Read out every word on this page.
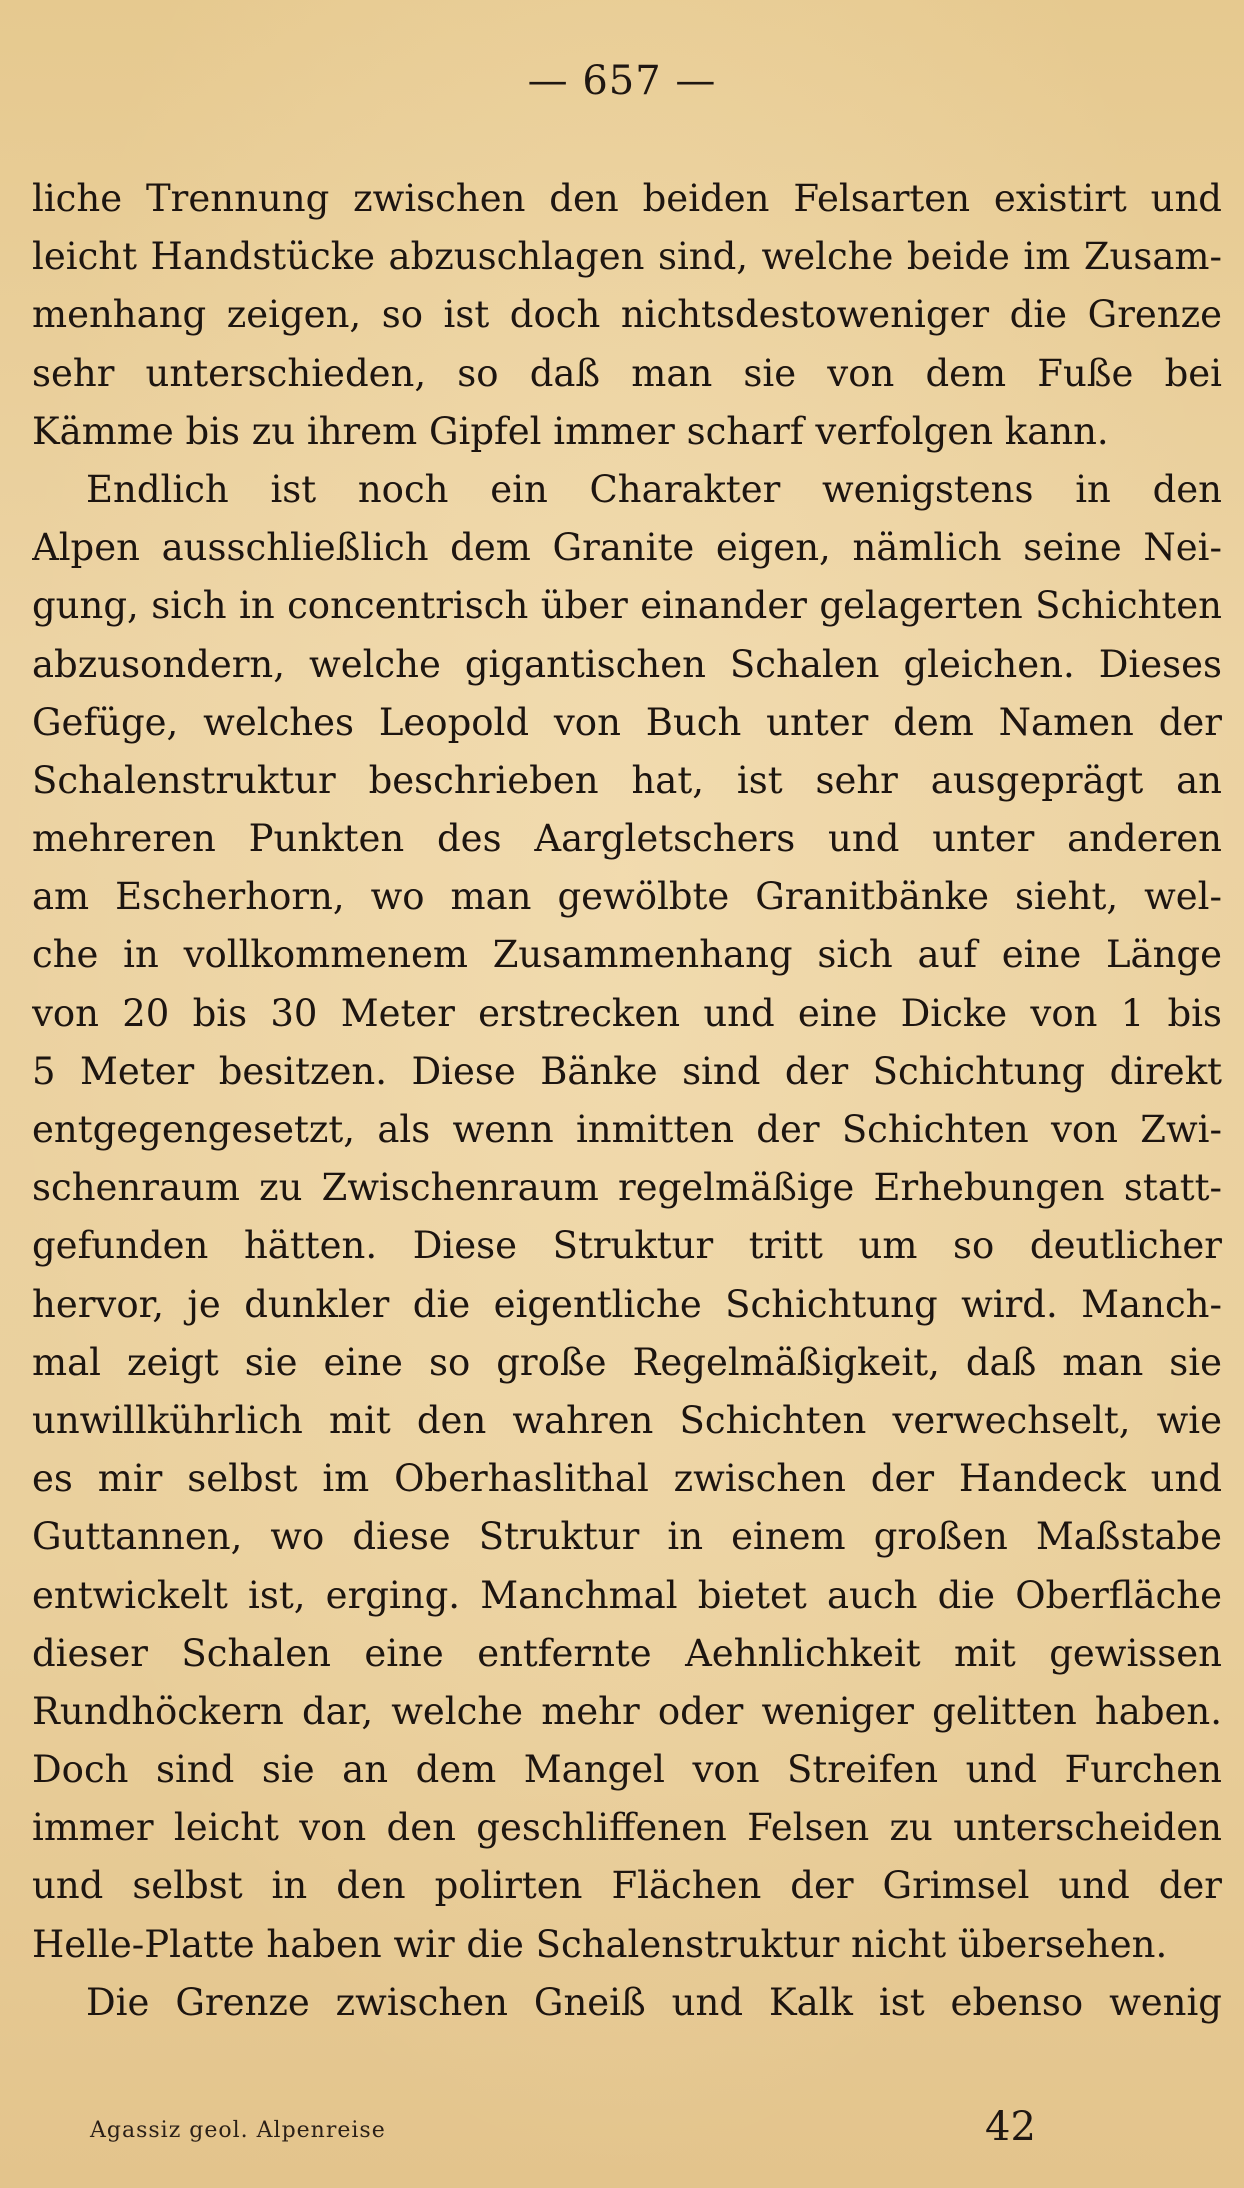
— 657 —
liche Trennung zwischen den beiden Felsarten existirt und
leicht Handstücke abzuschlagen sind, welche beide im Zusam-
menhang zeigen, so ist doch nichtsdestoweniger die Grenze
sehr unterschieden, so daß man sie von dem Fuße bei
Kämme bis zu ihrem Gipfel immer scharf verfolgen kann.
Endlich ist noch ein Charakter wenigstens in den
Alpen ausschließlich dem Granite eigen, nämlich seine Nei-
gung, sich in concentrisch über einander gelagerten Schichten
abzusondern, welche gigantischen Schalen gleichen. Dieses
Gefüge, welches Leopold von Buch unter dem Namen der
Schalenstruktur beschrieben hat, ist sehr ausgeprägt an
mehreren Punkten des Aargletschers und unter anderen
am Escherhorn, wo man gewölbte Granitbänke sieht, wel-
che in vollkommenem Zusammenhang sich auf eine Länge
von 20 bis 30 Meter erstrecken und eine Dicke von 1 bis
5 Meter besitzen. Diese Bänke sind der Schichtung direkt
entgegengesetzt, als wenn inmitten der Schichten von Zwi-
schenraum zu Zwischenraum regelmäßige Erhebungen statt-
gefunden hätten. Diese Struktur tritt um so deutlicher
hervor, je dunkler die eigentliche Schichtung wird. Manch-
mal zeigt sie eine so große Regelmäßigkeit, daß man sie
unwillkührlich mit den wahren Schichten verwechselt, wie
es mir selbst im Oberhaslithal zwischen der Handeck und
Guttannen, wo diese Struktur in einem großen Maßstabe
entwickelt ist, erging. Manchmal bietet auch die Oberfläche
dieser Schalen eine entfernte Aehnlichkeit mit gewissen
Rundhöckern dar, welche mehr oder weniger gelitten haben.
Doch sind sie an dem Mangel von Streifen und Furchen
immer leicht von den geschliffenen Felsen zu unterscheiden
und selbst in den polirten Flächen der Grimsel und der
Helle-Platte haben wir die Schalenstruktur nicht übersehen.
Die Grenze zwischen Gneiß und Kalk ist ebenso wenig
Agassiz geol. Alpenreise	42
